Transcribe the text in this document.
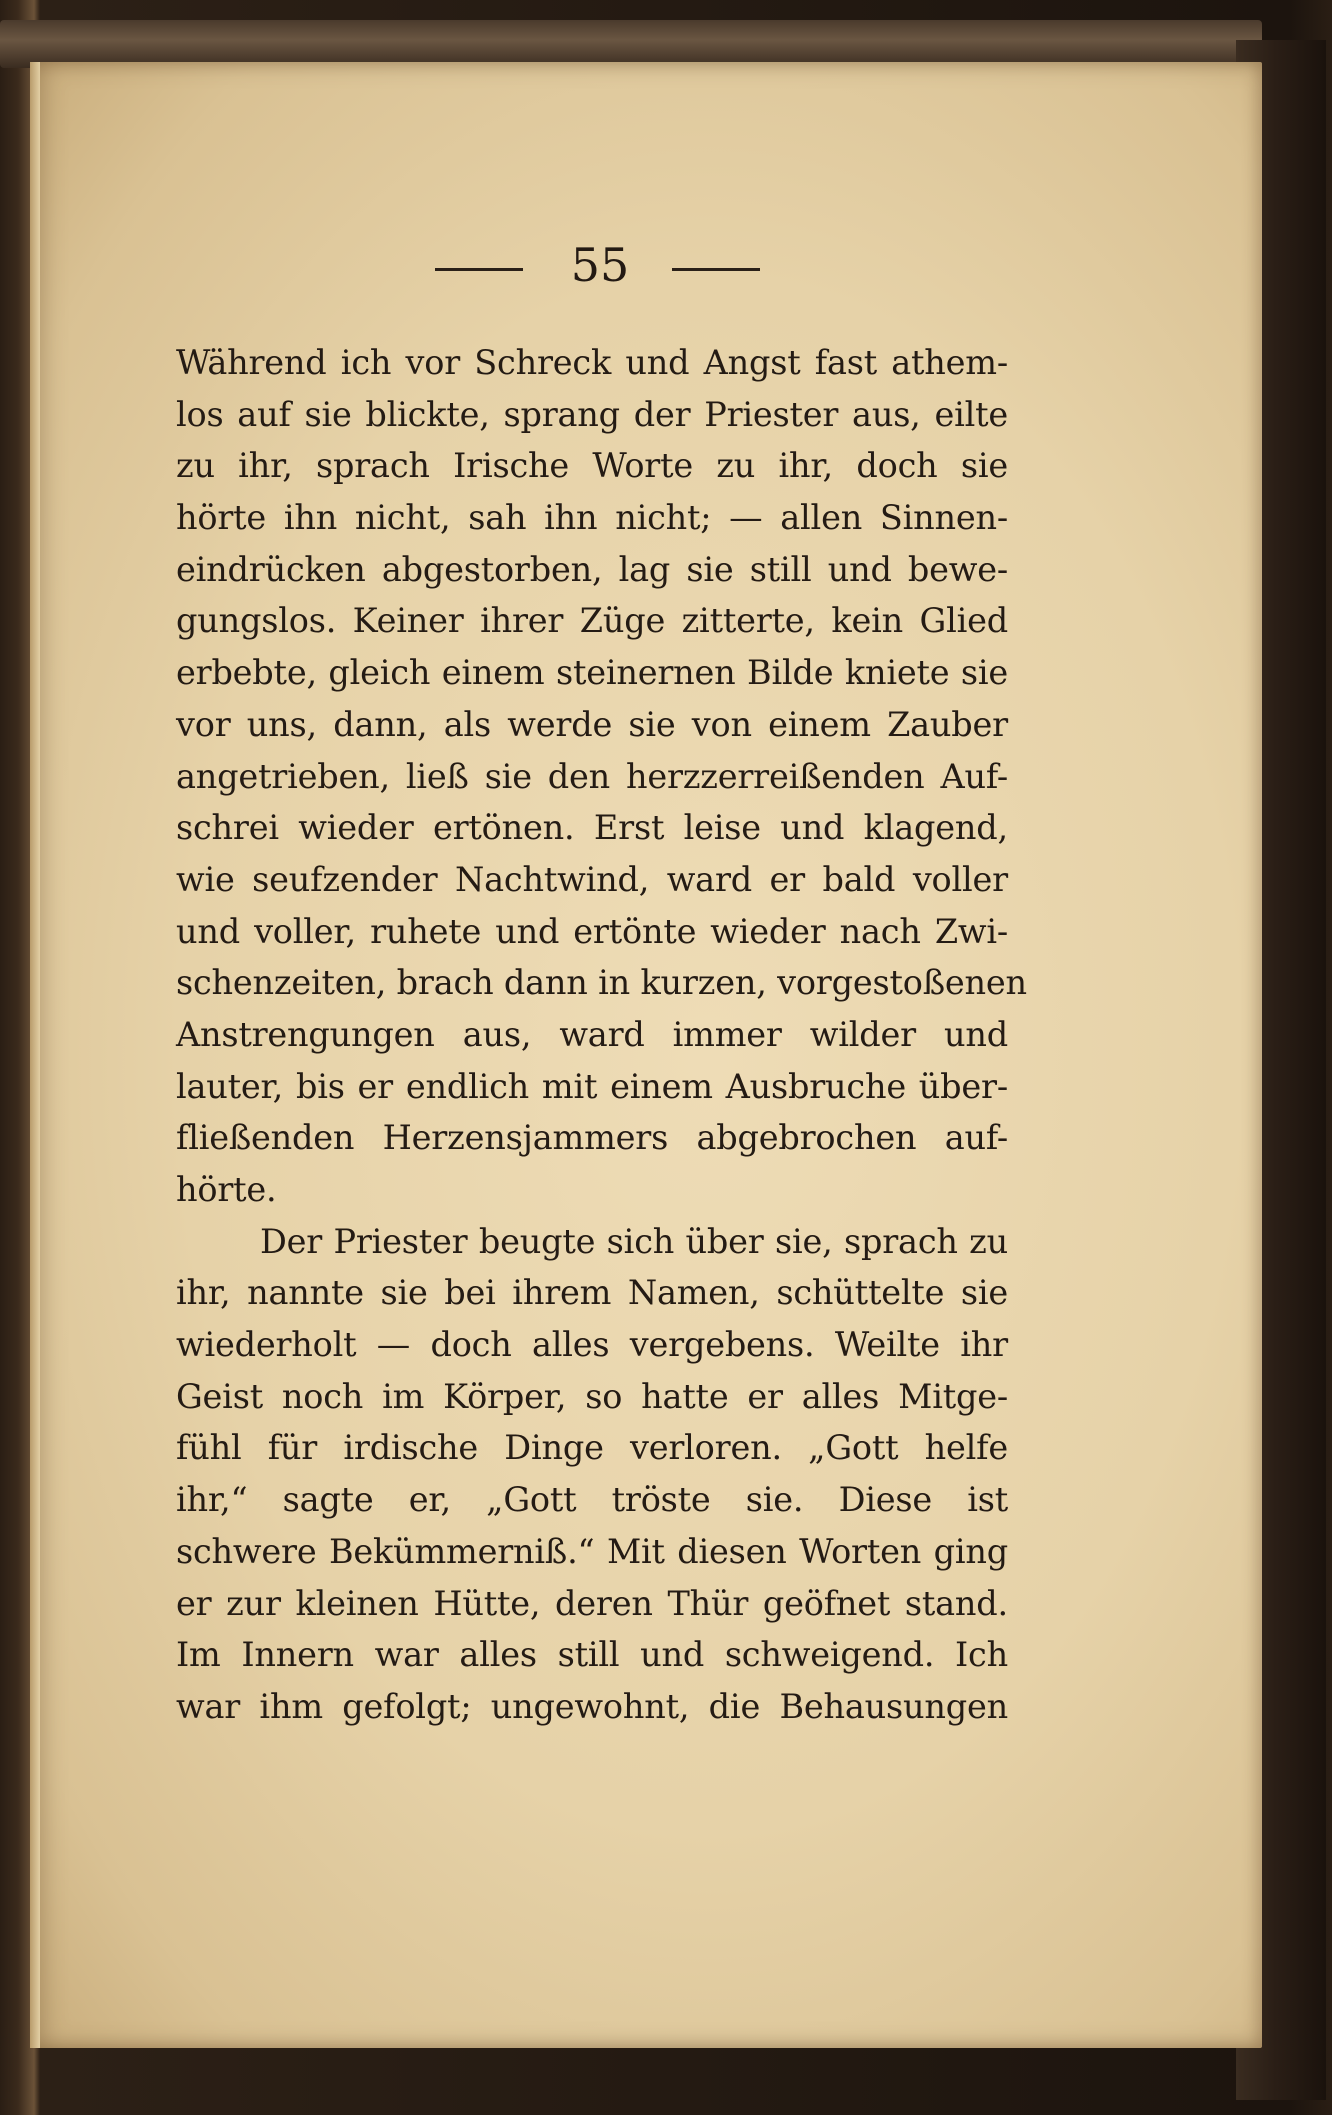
55
Während ich vor Schreck und Angst fast athem-
los auf sie blickte, sprang der Priester aus, eilte
zu ihr, sprach Irische Worte zu ihr, doch sie
hörte ihn nicht, sah ihn nicht; — allen Sinnen-
eindrücken abgestorben, lag sie still und bewe-
gungslos. Keiner ihrer Züge zitterte, kein Glied
erbebte, gleich einem steinernen Bilde kniete sie
vor uns, dann, als werde sie von einem Zauber
angetrieben, ließ sie den herzzerreißenden Auf-
schrei wieder ertönen. Erst leise und klagend,
wie seufzender Nachtwind, ward er bald voller
und voller, ruhete und ertönte wieder nach Zwi-
schenzeiten, brach dann in kurzen, vorgestoßenen
Anstrengungen aus, ward immer wilder und
lauter, bis er endlich mit einem Ausbruche über-
fließenden Herzensjammers abgebrochen auf-
hörte.
Der Priester beugte sich über sie, sprach zu
ihr, nannte sie bei ihrem Namen, schüttelte sie
wiederholt — doch alles vergebens. Weilte ihr
Geist noch im Körper, so hatte er alles Mitge-
fühl für irdische Dinge verloren. „Gott helfe
ihr,“ sagte er, „Gott tröste sie. Diese ist
schwere Bekümmerniß.“ Mit diesen Worten ging
er zur kleinen Hütte, deren Thür geöfnet stand.
Im Innern war alles still und schweigend. Ich
war ihm gefolgt; ungewohnt, die Behausungen
